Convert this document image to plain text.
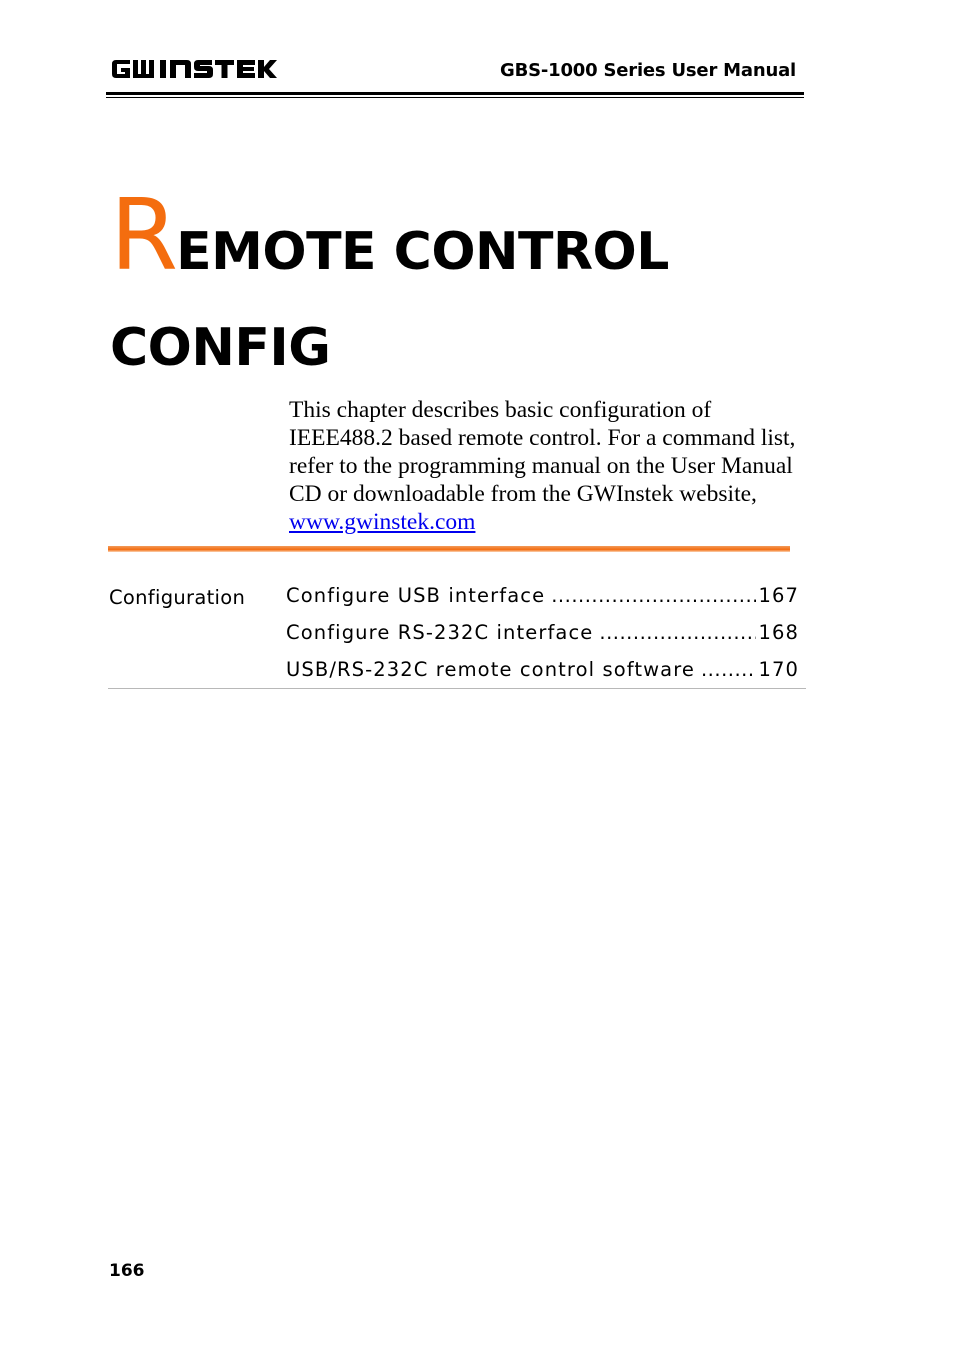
GBS-1000 Series User Manual
REMOTE CONTROL
CONFIG

This chapter describes basic configuration of IEEE488.2 based remote control. For a command list, refer to the programming manual on the User Manual CD or downloadable from the GWInstek website, www.gwinstek.com

Configuration Configure USB interface .....	167
Configure RS-232C interface .....	168
USB/RS-232C remote control software .....	170
166
